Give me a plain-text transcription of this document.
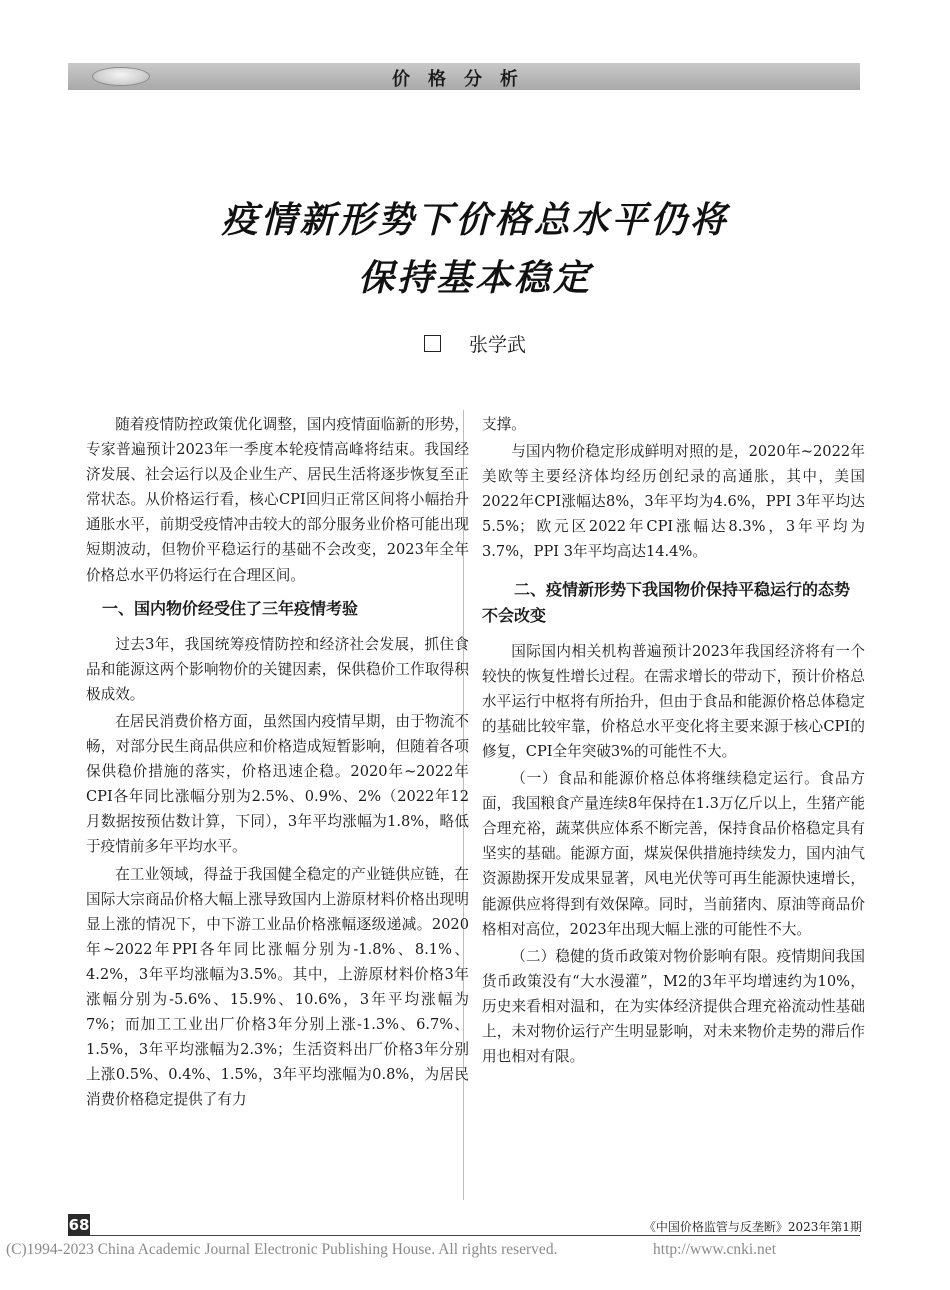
价格分析
疫情新形势下价格总水平仍将
保持基本稳定
张学武

随着疫情防控政策优化调整，国内疫情面临新的形势，专家普遍预计2023年一季度本轮疫情高峰将结束。我国经济发展、社会运行以及企业生产、居民生活将逐步恢复至正常状态。从价格运行看，核心CPI回归正常区间将小幅抬升通胀水平，前期受疫情冲击较大的部分服务业价格可能出现短期波动，但物价平稳运行的基础不会改变，2023年全年价格总水平仍将运行在合理区间。

一、国内物价经受住了三年疫情考验

过去3年，我国统筹疫情防控和经济社会发展，抓住食品和能源这两个影响物价的关键因素，保供稳价工作取得积极成效。

在居民消费价格方面，虽然国内疫情早期，由于物流不畅，对部分民生商品供应和价格造成短暂影响，但随着各项保供稳价措施的落实，价格迅速企稳。2020年~2022年CPI各年同比涨幅分别为2.5%、0.9%、2%（2022年12月数据按预估数计算，下同），3年平均涨幅为1.8%，略低于疫情前多年平均水平。

在工业领域，得益于我国健全稳定的产业链供应链，在国际大宗商品价格大幅上涨导致国内上游原材料价格出现明显上涨的情况下，中下游工业品价格涨幅逐级递减。2020年~2022年PPI各年同比涨幅分别为-1.8%、8.1%、4.2%，3年平均涨幅为3.5%。其中，上游原材料价格3年涨幅分别为-5.6%、15.9%、10.6%，3年平均涨幅为7%；而加工工业出厂价格3年分别上涨-1.3%、6.7%、1.5%，3年平均涨幅为2.3%；生活资料出厂价格3年分别上涨0.5%、0.4%、1.5%，3年平均涨幅为0.8%，为居民消费价格稳定提供了有力

支撑。

与国内物价稳定形成鲜明对照的是，2020年~2022年美欧等主要经济体均经历创纪录的高通胀，其中，美国2022年CPI涨幅达8%，3年平均为4.6%，PPI 3年平均达5.5%；欧元区2022年CPI涨幅达8.3%，3年平均为3.7%，PPI 3年平均高达14.4%。

二、疫情新形势下我国物价保持平稳运行的态势不会改变

国际国内相关机构普遍预计2023年我国经济将有一个较快的恢复性增长过程。在需求增长的带动下，预计价格总水平运行中枢将有所抬升，但由于食品和能源价格总体稳定的基础比较牢靠，价格总水平变化将主要来源于核心CPI的修复，CPI全年突破3%的可能性不大。

（一）食品和能源价格总体将继续稳定运行。食品方面，我国粮食产量连续8年保持在1.3万亿斤以上，生猪产能合理充裕，蔬菜供应体系不断完善，保持食品价格稳定具有坚实的基础。能源方面，煤炭保供措施持续发力，国内油气资源勘探开发成果显著，风电光伏等可再生能源快速增长，能源供应将得到有效保障。同时，当前猪肉、原油等商品价格相对高位，2023年出现大幅上涨的可能性不大。

（二）稳健的货币政策对物价影响有限。疫情期间我国货币政策没有“大水漫灌”，M2的3年平均增速约为10%，历史来看相对温和，在为实体经济提供合理充裕流动性基础上，未对物价运行产生明显影响，对未来物价走势的滞后作用也相对有限。

68	《中国价格监管与反垄断》2023年第1期
(C)1994-2023 China Academic Journal Electronic Publishing House. All rights reserved.	http://www.cnki.net
